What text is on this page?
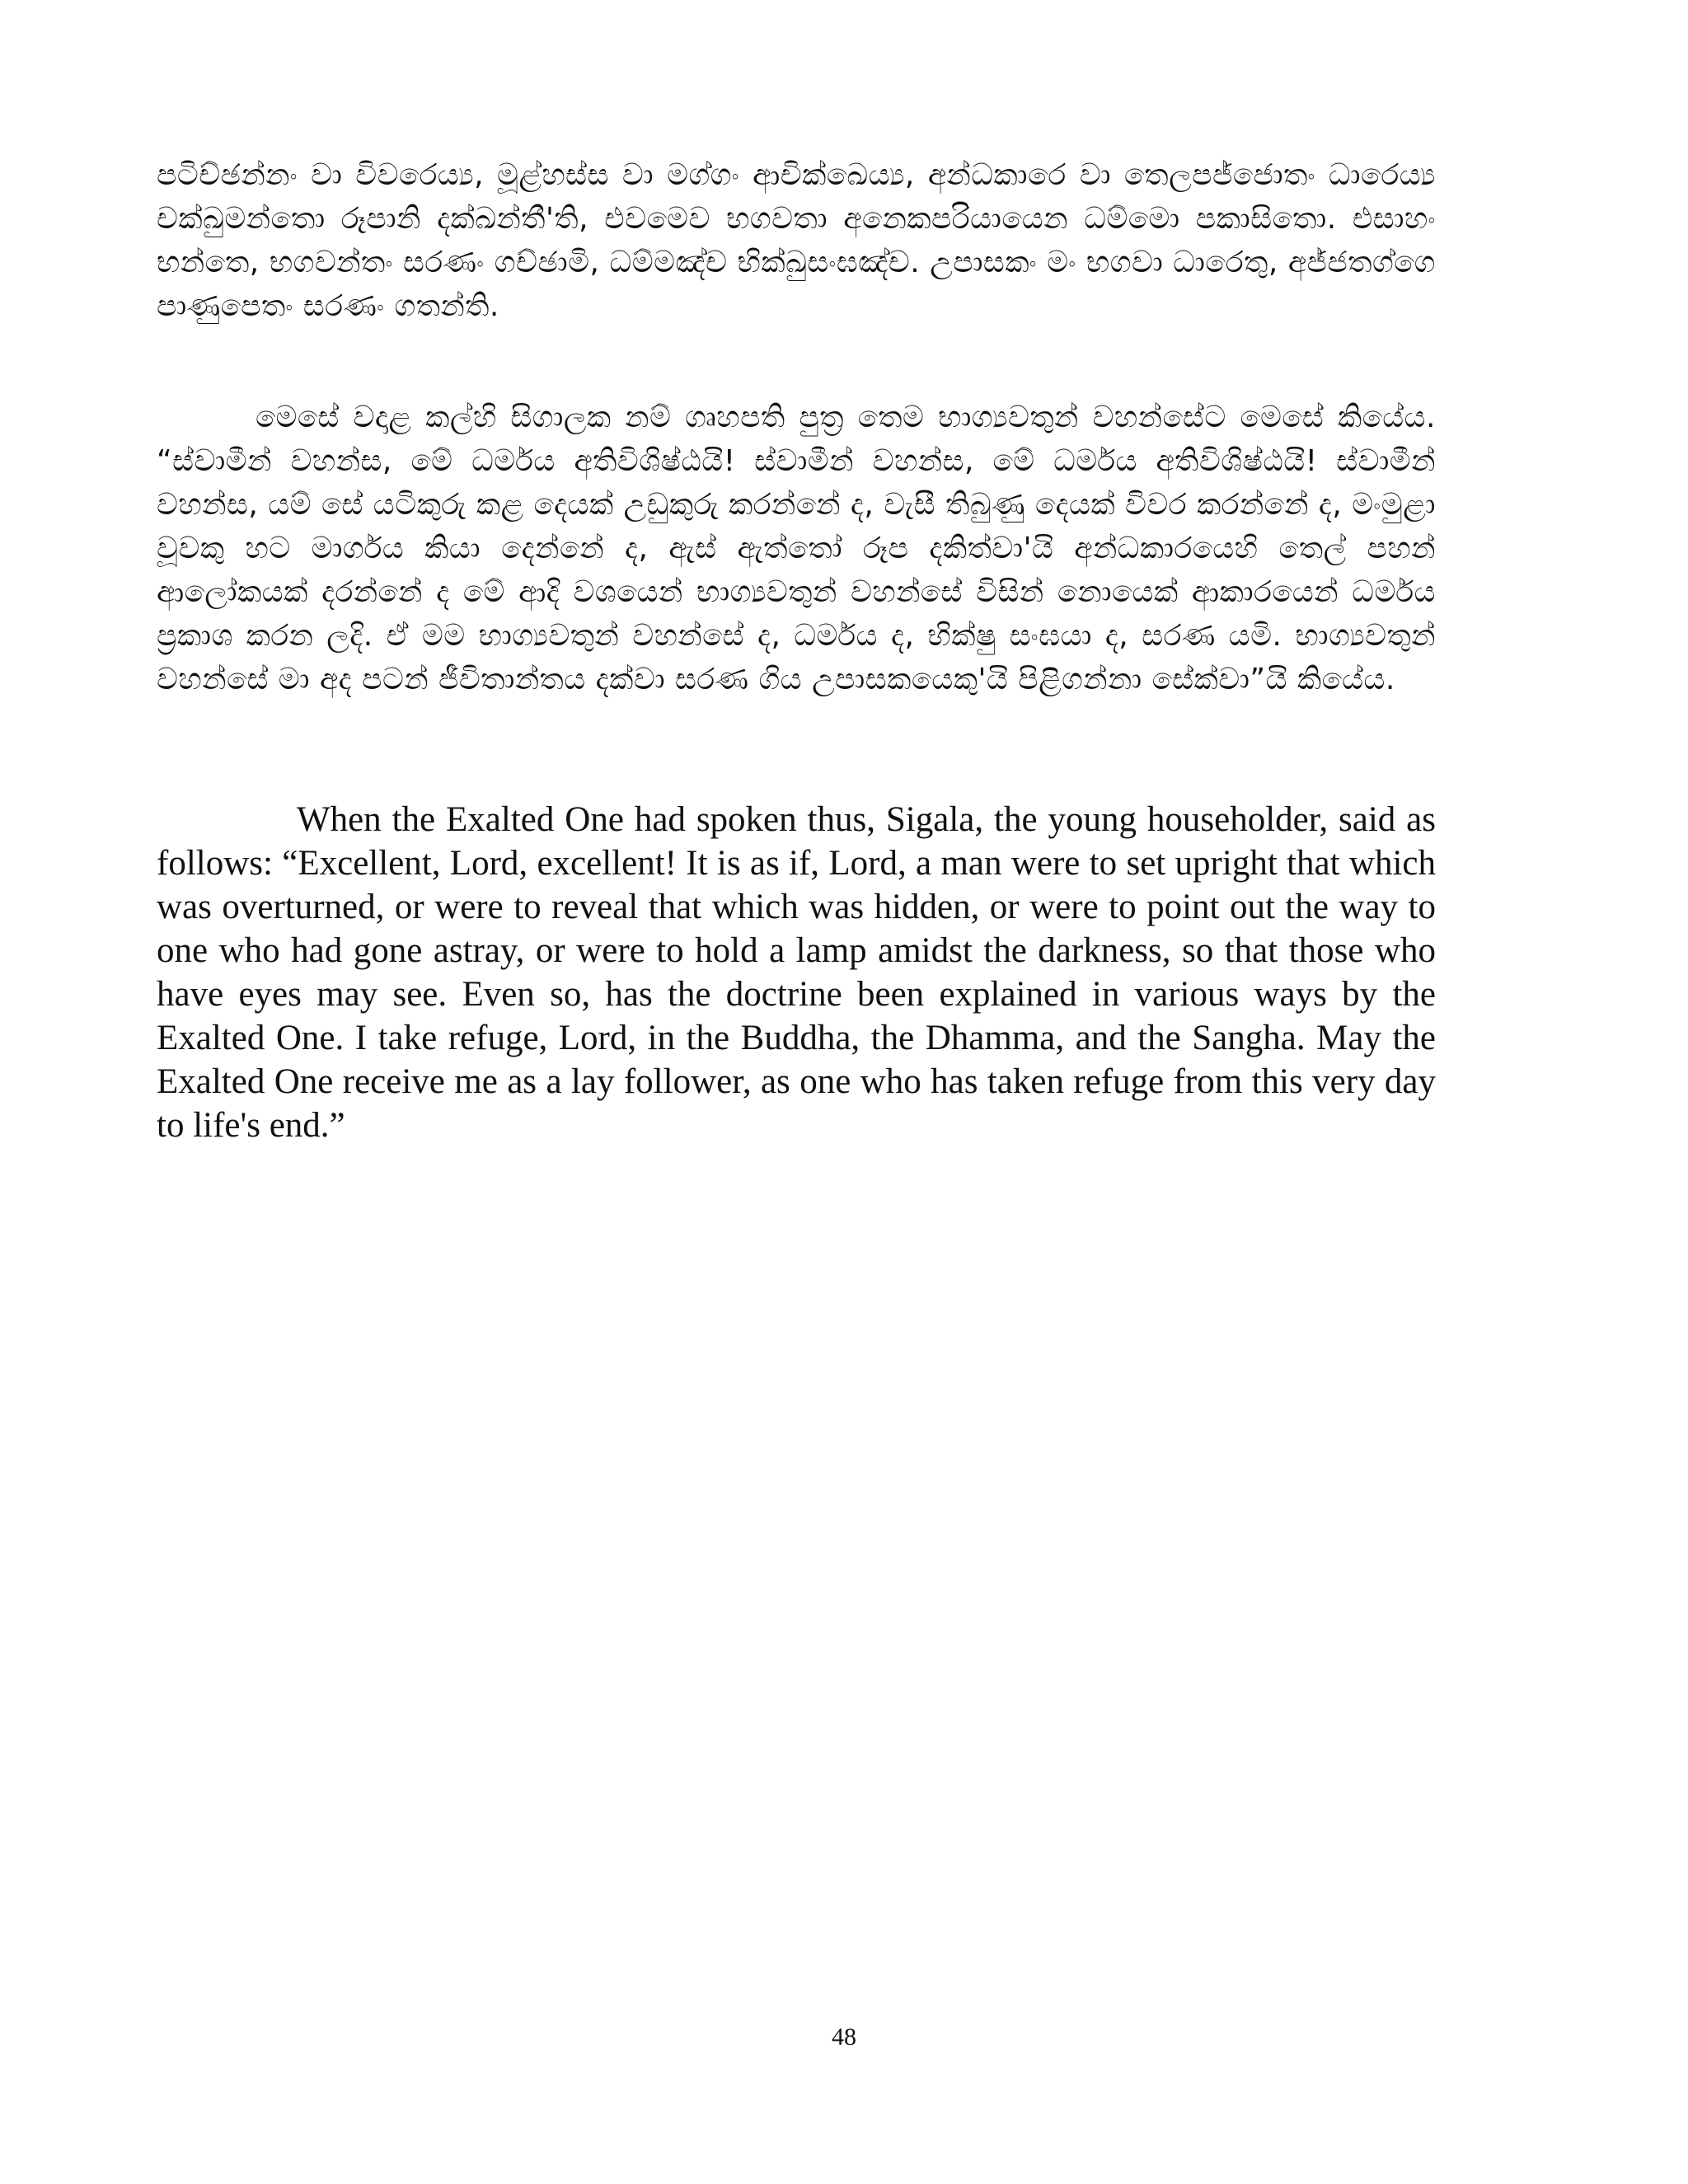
පටිච්ඡන්නං වා විවරෙය්‍ය, මූළ්හස්ස වා මග්ගං ආචික්ඛෙය්‍ය, අන්ධකාරෙ වා තෙලපජ්ජොතං ධාරෙය්‍ය චක්ඛුමන්තො රූපානි දක්ඛන්තී'ති, එවමෙව භගවතා අනෙකපරියායෙන ධම්මො පකාසිතො. එසාහං භන්තෙ, භගවන්තං සරණං ගච්ඡාමි, ධම්මඤ්ච භික්ඛුසංඝඤ්ච. උපාසකං මං භගවා ධාරෙතු, අජ්ජතග්ගෙ පාණුපෙතං සරණං ගතන්ති.

මෙසේ වදාළ කල්හි සිගාලක නම් ගෘහපති පුත්‍ර තෙම භාග්‍යවතුන් වහන්සේට මෙසේ කියේය. “ස්වාමීන් වහන්ස, මේ ධර්මය අතිවිශිෂ්ඨයි! ස්වාමීන් වහන්ස, මේ ධර්මය අතිවිශිෂ්ඨයි! ස්වාමීන් වහන්ස, යම් සේ යටිකුරු කළ දෙයක් උඩුකුරු කරන්නේ ද, වැසී තිබුණු දෙයක් විවර කරන්නේ ද, මංමුළා වූවකු හට මාර්ගය කියා දෙන්නේ ද, ඇස් ඇත්තෝ රූප දකිත්වා'යි අන්ධකාරයෙහි තෙල් පහන් ආලෝකයක් දරන්නේ ද මේ ආදි වශයෙන් භාග්‍යවතුන් වහන්සේ විසින් නොයෙක් ආකාරයෙන් ධර්මය ප්‍රකාශ කරන ලදි. ඒ මම භාග්‍යවතුන් වහන්සේ ද, ධර්මය ද, භික්ෂු සංඝයා ද, සරණ යමි. භාග්‍යවතුන් වහන්සේ මා අද පටන් ජීවිතාන්තය දක්වා සරණ ගිය උපාසකයෙකු'යි පිළිගන්නා සේක්වා”යි කියේය.

When the Exalted One had spoken thus, Sigala, the young householder, said as follows: “Excellent, Lord, excellent! It is as if, Lord, a man were to set upright that which was overturned, or were to reveal that which was hidden, or were to point out the way to one who had gone astray, or were to hold a lamp amidst the darkness, so that those who have eyes may see. Even so, has the doctrine been explained in various ways by the Exalted One. I take refuge, Lord, in the Buddha, the Dhamma, and the Sangha. May the Exalted One receive me as a lay follower, as one who has taken refuge from this very day to life's end.”

48
